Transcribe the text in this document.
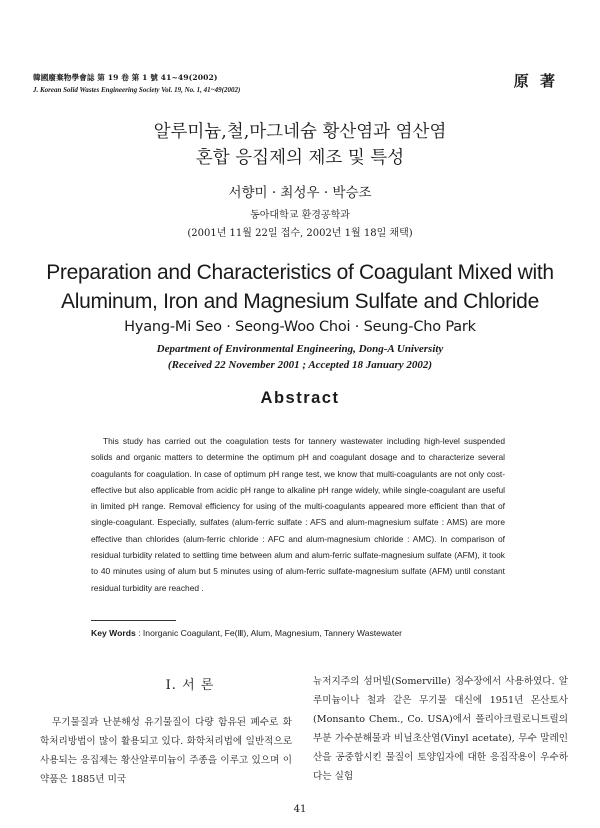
韓國廢棄物學會誌 第 19 卷 第 1 號 41~49(2002)
J. Korean Solid Wastes Engineering Society Vol. 19, No. 1, 41~49(2002)	原 著
알루미늄,철,마그네슘 황산염과 염산염
혼합 응집제의 제조 및 특성
서향미 · 최성우 · 박승조
동아대학교 환경공학과
(2001년 11월 22일 접수, 2002년 1월 18일 채택)
Preparation and Characteristics of Coagulant Mixed with
Aluminum, Iron and Magnesium Sulfate and Chloride
Hyang-Mi Seo · Seong-Woo Choi · Seung-Cho Park
Department of Environmental Engineering, Dong-A University
(Received 22 November 2001 ; Accepted 18 January 2002)
Abstract
This study has carried out the coagulation tests for tannery wastewater including high-level suspended solids and organic matters to determine the optimum pH and coagulant dosage and to characterize several coagulants for coagulation. In case of optimum pH range test, we know that multi-coagulants are not only cost-effective but also applicable from acidic pH range to alkaline pH range widely, while single-coagulant are useful in limited pH range. Removal efficiency for using of the multi-coagulants appeared more efficient than that of single-coagulant. Especially, sulfates (alum-ferric sulfate : AFS and alum-magnesium sulfate : AMS) are more effective than chlorides (alum-ferric chloride : AFC and alum-magnesium chloride : AMC). In comparison of residual turbidity related to settling time between alum and alum-ferric sulfate-magnesium sulfate (AFM), it took to 40 minutes using of alum but 5 minutes using of alum-ferric sulfate-magnesium sulfate (AFM) until constant residual turbidity are reached .
Key Words : Inorganic Coagulant, Fe(Ⅲ), Alum, Magnesium, Tannery Wastewater
Ⅰ. 서 론
무기물질과 난분해성 유기물질이 다량 함유된 폐수로 화학처리방법이 많이 활용되고 있다. 화학처리법에 일반적으로 사용되는 응집제는 황산알루미늄이 주종을 이루고 있으며 이 약품은 1885년 미국
뉴저지주의 섬머빌(Somerville) 정수장에서 사용하였다. 알루미늄이나 철과 같은 무기물 대신에 1951년 몬산토사(Monsanto Chem., Co. USA)에서 폴리아크릴로니트릴의 부분 가수분해물과 비닐초산염(Vinyl acetate), 무수 말레인산을 공중합시킨 물질이 토양입자에 대한 응집작용이 우수하다는 실험
41
